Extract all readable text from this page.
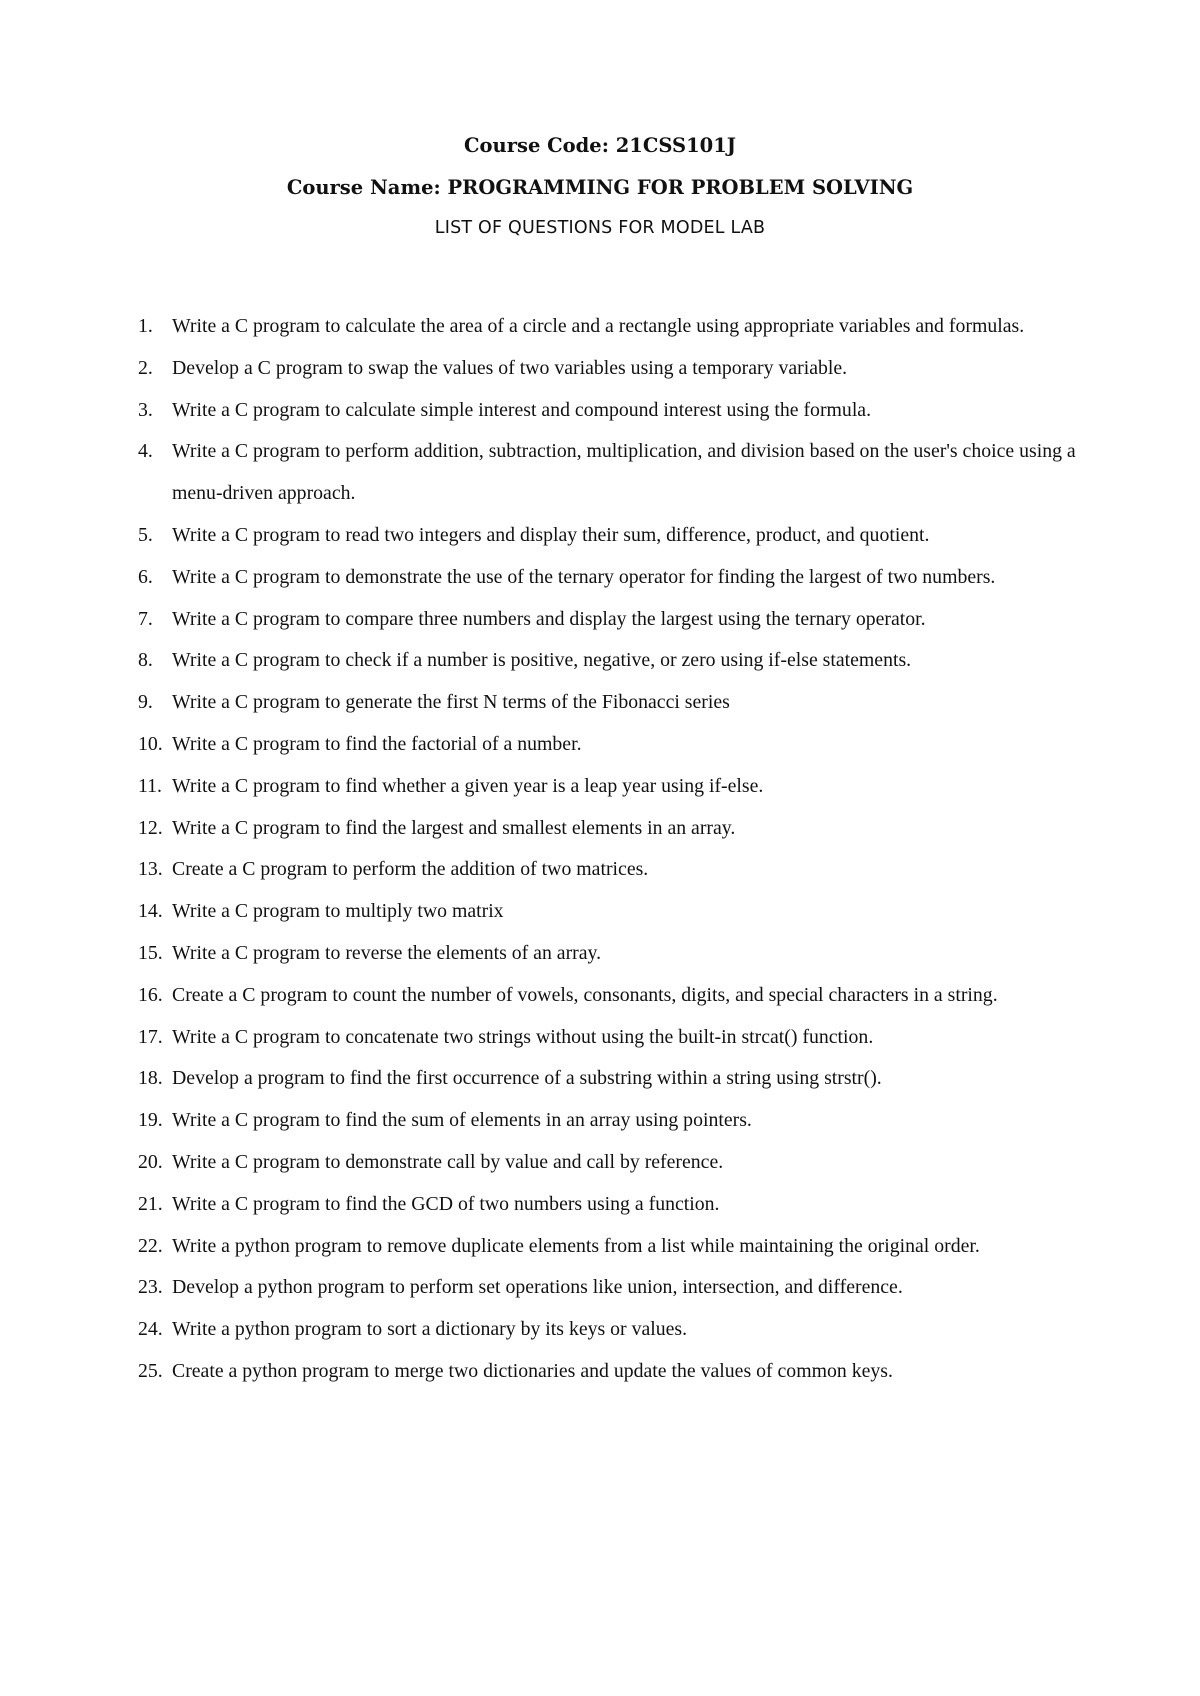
Course Code: 21CSS101J
Course Name: PROGRAMMING FOR PROBLEM SOLVING
LIST OF QUESTIONS FOR MODEL LAB
1. Write a C program to calculate the area of a circle and a rectangle using appropriate variables and formulas.
2. Develop a C program to swap the values of two variables using a temporary variable.
3. Write a C program to calculate simple interest and compound interest using the formula.
4. Write a C program to perform addition, subtraction, multiplication, and division based on the user's choice using a menu-driven approach.
5. Write a C program to read two integers and display their sum, difference, product, and quotient.
6. Write a C program to demonstrate the use of the ternary operator for finding the largest of two numbers.
7. Write a C program to compare three numbers and display the largest using the ternary operator.
8. Write a C program to check if a number is positive, negative, or zero using if-else statements.
9. Write a C program to generate the first N terms of the Fibonacci series
10. Write a C program to find the factorial of a number.
11. Write a C program to find whether a given year is a leap year using if-else.
12. Write a C program to find the largest and smallest elements in an array.
13. Create a C program to perform the addition of two matrices.
14. Write a C program to multiply two matrix
15. Write a C program to reverse the elements of an array.
16. Create a C program to count the number of vowels, consonants, digits, and special characters in a string.
17. Write a C program to concatenate two strings without using the built-in strcat() function.
18. Develop a program to find the first occurrence of a substring within a string using strstr().
19. Write a C program to find the sum of elements in an array using pointers.
20. Write a C program to demonstrate call by value and call by reference.
21. Write a C program to find the GCD of two numbers using a function.
22. Write a python program to remove duplicate elements from a list while maintaining the original order.
23. Develop a python program to perform set operations like union, intersection, and difference.
24. Write a python program to sort a dictionary by its keys or values.
25. Create a python program to merge two dictionaries and update the values of common keys.
